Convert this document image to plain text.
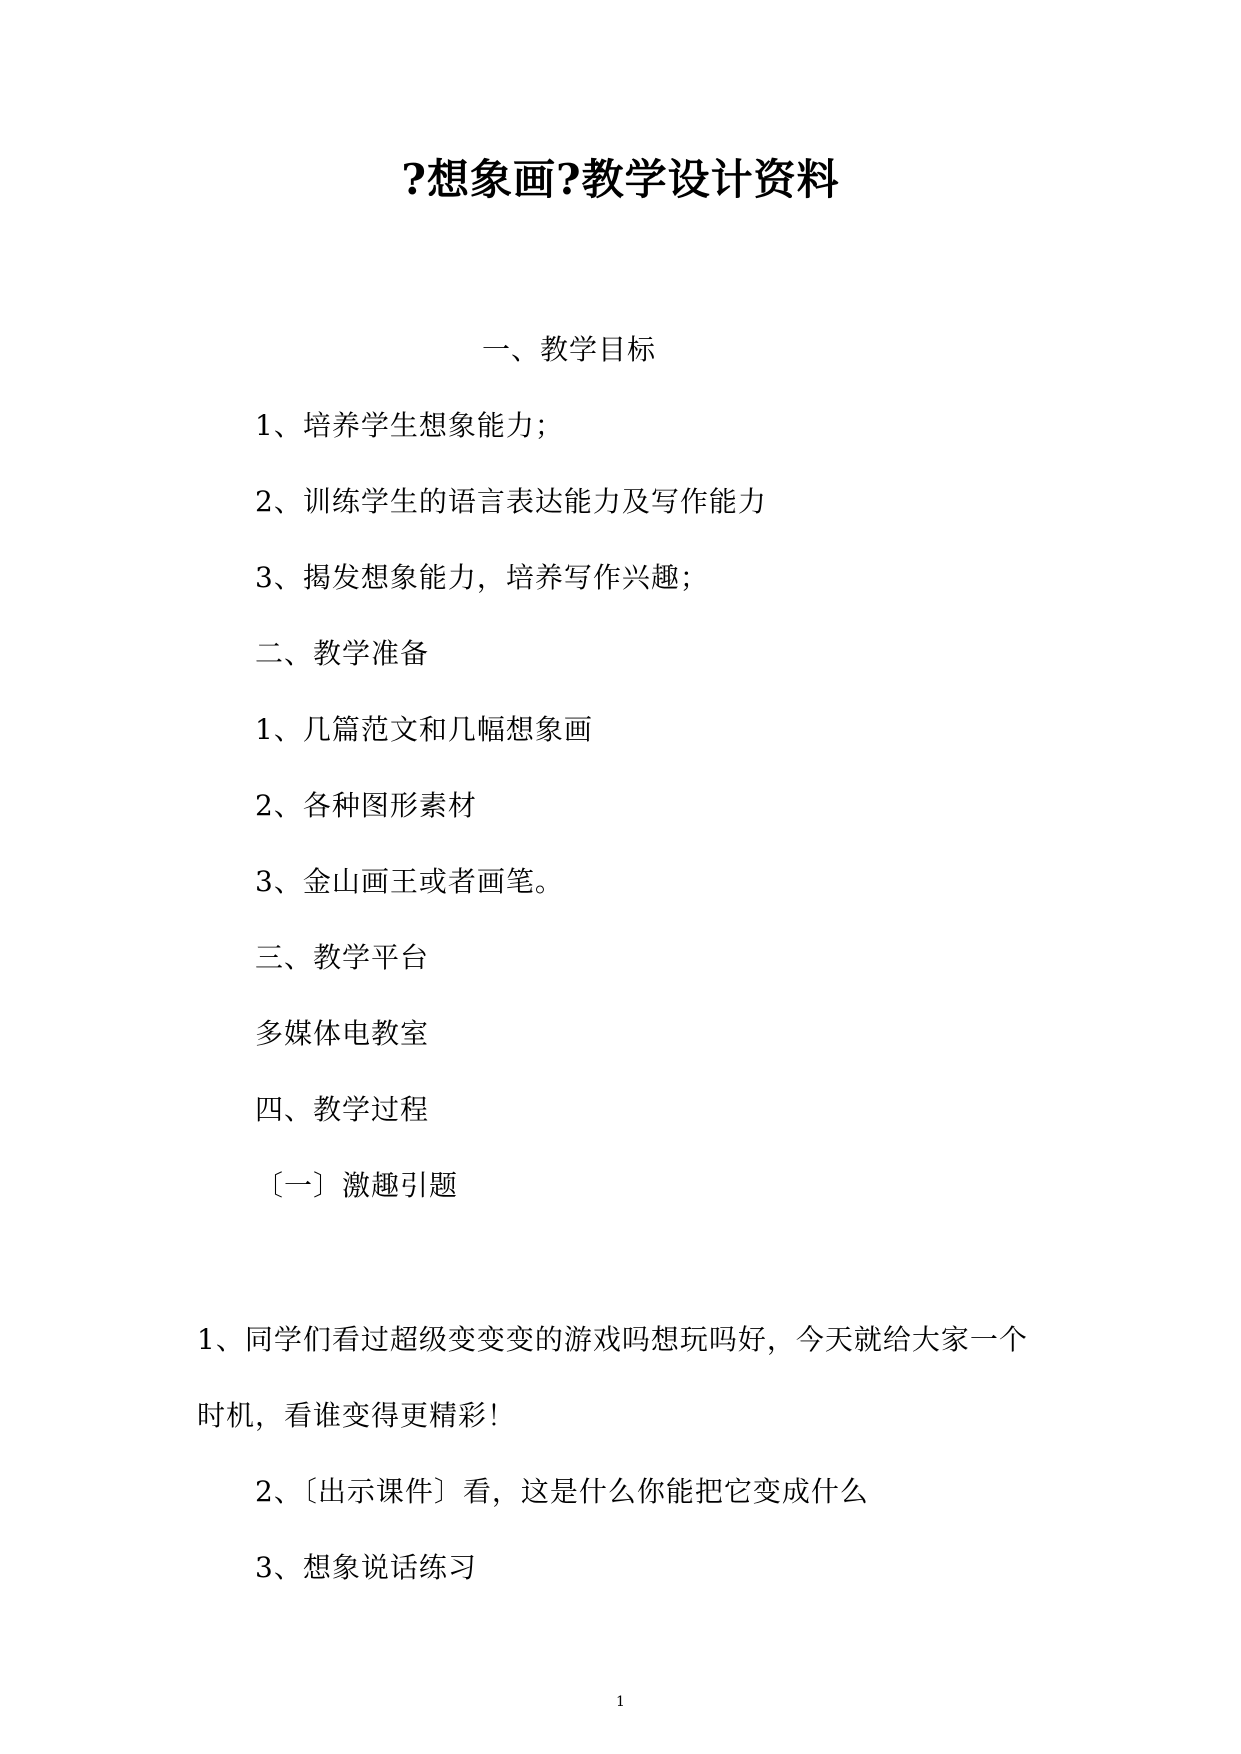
?想象画?教学设计资料
一、教学目标
1、培养学生想象能力；
2、训练学生的语言表达能力及写作能力
3、揭发想象能力，培养写作兴趣；
二、教学准备
1、几篇范文和几幅想象画
2、各种图形素材
3、金山画王或者画笔。
三、教学平台
多媒体电教室
四、教学过程
〔一〕激趣引题
1、同学们看过超级变变变的游戏吗想玩吗好，今天就给大家一个
时机，看谁变得更精彩！
2、〔出示课件〕看，这是什么你能把它变成什么
3、想象说话练习
1
